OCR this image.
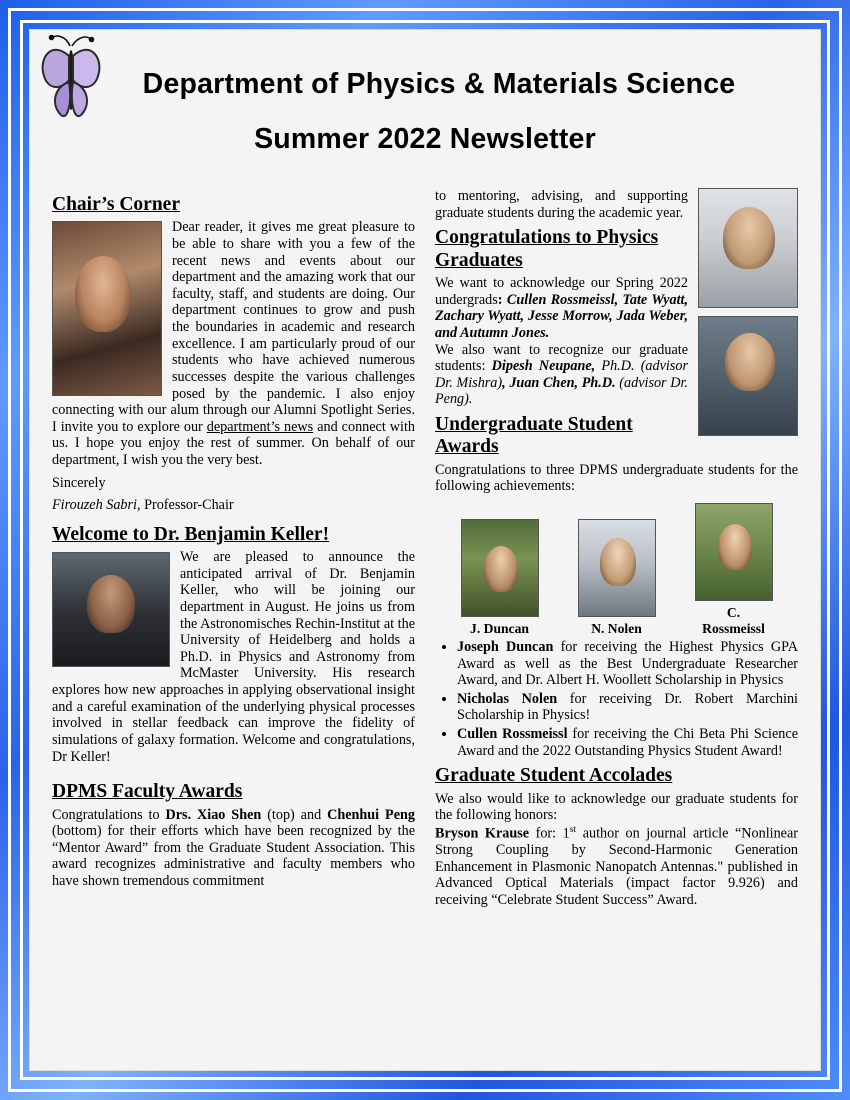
Department of Physics & Materials Science
Summer 2022 Newsletter
Chair’s Corner

Dear reader, it gives me great pleasure to be able to share with you a few of the recent news and events about our department and the amazing work that our faculty, staff, and students are doing. Our department continues to grow and push the boundaries in academic and research excellence. I am particularly proud of our students who have achieved numerous successes despite the various challenges posed by the pandemic. I also enjoy connecting with our alum through our Alumni Spotlight Series. I invite you to explore our department’s news and connect with us. I hope you enjoy the rest of summer. On behalf of our department, I wish you the very best.

Sincerely

Firouzeh Sabri, Professor-Chair

Welcome to Dr. Benjamin Keller!

We are pleased to announce the anticipated arrival of Dr. Benjamin Keller, who will be joining our department in August. He joins us from the Astronomisches Rechin-Institut at the University of Heidelberg and holds a Ph.D. in Physics and Astronomy from McMaster University. His research explores how new approaches in applying observational insight and a careful examination of the underlying physical processes involved in stellar feedback can improve the fidelity of simulations of galaxy formation. Welcome and congratulations, Dr Keller!

DPMS Faculty Awards

Congratulations to Drs. Xiao Shen (top) and Chenhui Peng (bottom) for their efforts which have been recognized by the “Mentor Award” from the Graduate Student Association. This award recognizes administrative and faculty members who have shown tremendous commitment

to mentoring, advising, and supporting graduate students during the academic year.

Congratulations to Physics Graduates

We want to acknowledge our Spring 2022 undergrads: Cullen Rossmeissl, Tate Wyatt, Zachary Wyatt, Jesse Morrow, Jada Weber, and Autumn Jones.

We also want to recognize our graduate students: Dipesh Neupane, Ph.D. (advisor Dr. Mishra), Juan Chen, Ph.D. (advisor Dr. Peng).

Undergraduate Student Awards

Congratulations to three DPMS undergraduate students for the following achievements:

J. Duncan	N. Nolen
C. Rossmeissl
• Joseph Duncan for receiving the Highest Physics GPA Award as well as the Best Undergraduate Researcher Award, and Dr. Albert H. Woollett Scholarship in Physics
• Nicholas Nolen for receiving Dr. Robert Marchini Scholarship in Physics!
• Cullen Rossmeissl for receiving the Chi Beta Phi Science Award and the 2022 Outstanding Physics Student Award!
Graduate Student Accolades

We also would like to acknowledge our graduate students for the following honors:

Bryson Krause for: 1st author on journal article “Nonlinear Strong Coupling by Second-Harmonic Generation Enhancement in Plasmonic Nanopatch Antennas." published in Advanced Optical Materials (impact factor 9.926) and receiving “Celebrate Student Success” Award.
